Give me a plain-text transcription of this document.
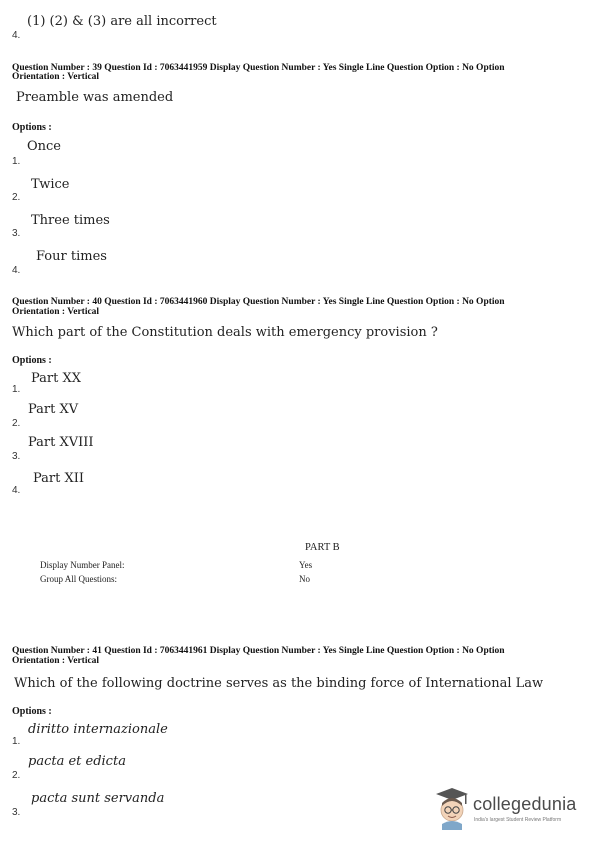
(1) (2) & (3) are all incorrect
4.
Question Number : 39 Question Id : 7063441959 Display Question Number : Yes Single Line Question Option : No Option
Orientation : Vertical
Preamble was amended
Options :
Once
1.
Twice
2.
Three times
3.
Four times
4.
Question Number : 40 Question Id : 7063441960 Display Question Number : Yes Single Line Question Option : No Option
Orientation : Vertical
Which part of the Constitution deals with emergency provision ?
Options :
Part XX
1.
Part XV
2.
Part XVIII
3.
Part XII
4.
PART B
Display Number Panel:	Yes
Group All Questions:	No
Question Number : 41 Question Id : 7063441961 Display Question Number : Yes Single Line Question Option : No Option
Orientation : Vertical
Which of the following doctrine serves as the binding force of International Law
Options :
diritto internazionale
1.
pacta et edicta
2.
pacta sunt servanda
3.	collegedunia
India's largest Student Review Platform
